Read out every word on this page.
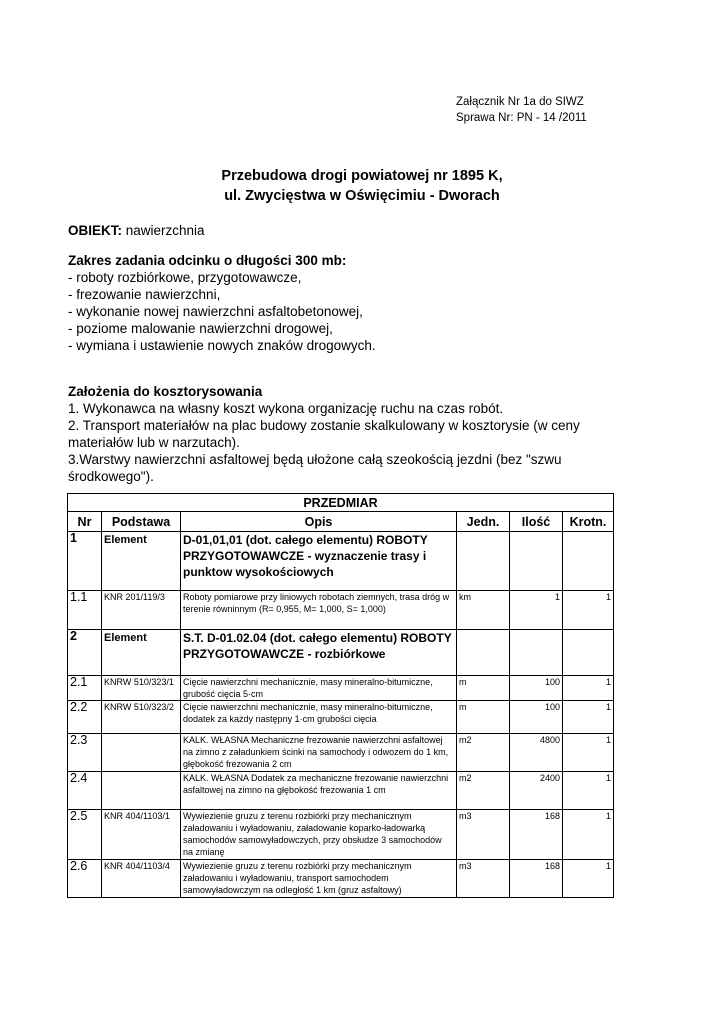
Załącznik Nr 1a do SIWZ
Sprawa Nr: PN - 14 /2011
Przebudowa drogi powiatowej nr 1895 K,
ul. Zwycięstwa w Oświęcimiu - Dworach
OBIEKT: nawierzchnia
Zakres zadania odcinku o długości 300 mb:
- roboty rozbiórkowe, przygotowawcze,
- frezowanie nawierzchni,
- wykonanie nowej nawierzchni asfaltobetonowej,
- poziome malowanie nawierzchni drogowej,
- wymiana i ustawienie nowych znaków drogowych.
Założenia do kosztorysowania
1. Wykonawca na własny koszt wykona organizację ruchu na czas robót.
2. Transport materiałów na plac budowy zostanie skalkulowany w kosztorysie (w ceny materiałów lub w narzutach).
3.Warstwy nawierzchni asfaltowej będą ułożone całą szeokością jezdni (bez "szwu środkowego").
PRZEDMIAR					
Nr	Podstawa	Opis	Jedn.	Ilość	Krotn.
1	Element	D-01,01,01 (dot. całego elementu) ROBOTY PRZYGOTOWAWCZE - wyznaczenie trasy i punktow wysokościowych			
1.1	KNR 201/119/3	Roboty pomiarowe przy liniowych robotach ziemnych, trasa dróg w terenie równinnym (R= 0,955, M= 1,000, S= 1,000)	km	1	1
2	Element	S.T. D-01.02.04 (dot. całego elementu) ROBOTY PRZYGOTOWAWCZE - rozbiórkowe			
2.1	KNRW 510/323/1	Cięcie nawierzchni mechanicznie, masy mineralno-bitumiczne, grubość cięcia 5·cm	m	100	1
2.2	KNRW 510/323/2	Cięcie nawierzchni mechanicznie, masy mineralno-bitumiczne, dodatek za każdy następny 1·cm grubości cięcia	m	100	1
2.3		KALK. WŁASNA Mechaniczne frezowanie nawierzchni asfaltowej na zimno z załadunkiem ścinki na samochody i odwozem do 1 km, głębokość frezowania 2 cm	m2	4800	1
2.4		KALK. WŁASNA Dodatek za mechaniczne frezowanie nawierzchni asfaltowej na zimno na głębokość frezowania 1 cm	m2	2400	1
2.5	KNR 404/1103/1	Wywiezienie gruzu z terenu rozbiórki przy mechanicznym załadowaniu i wyładowaniu, załadowanie koparko-ładowarką samochodów samowyładowczych, przy obsłudze 3 samochodów na zmianę	m3	168	1
2.6	KNR 404/1103/4	Wywiezienie gruzu z terenu rozbiórki przy mechanicznym załadowaniu i wyładowaniu, transport samochodem samowyładowczym na odległość 1 km (gruz asfaltowy)	m3	168	1
